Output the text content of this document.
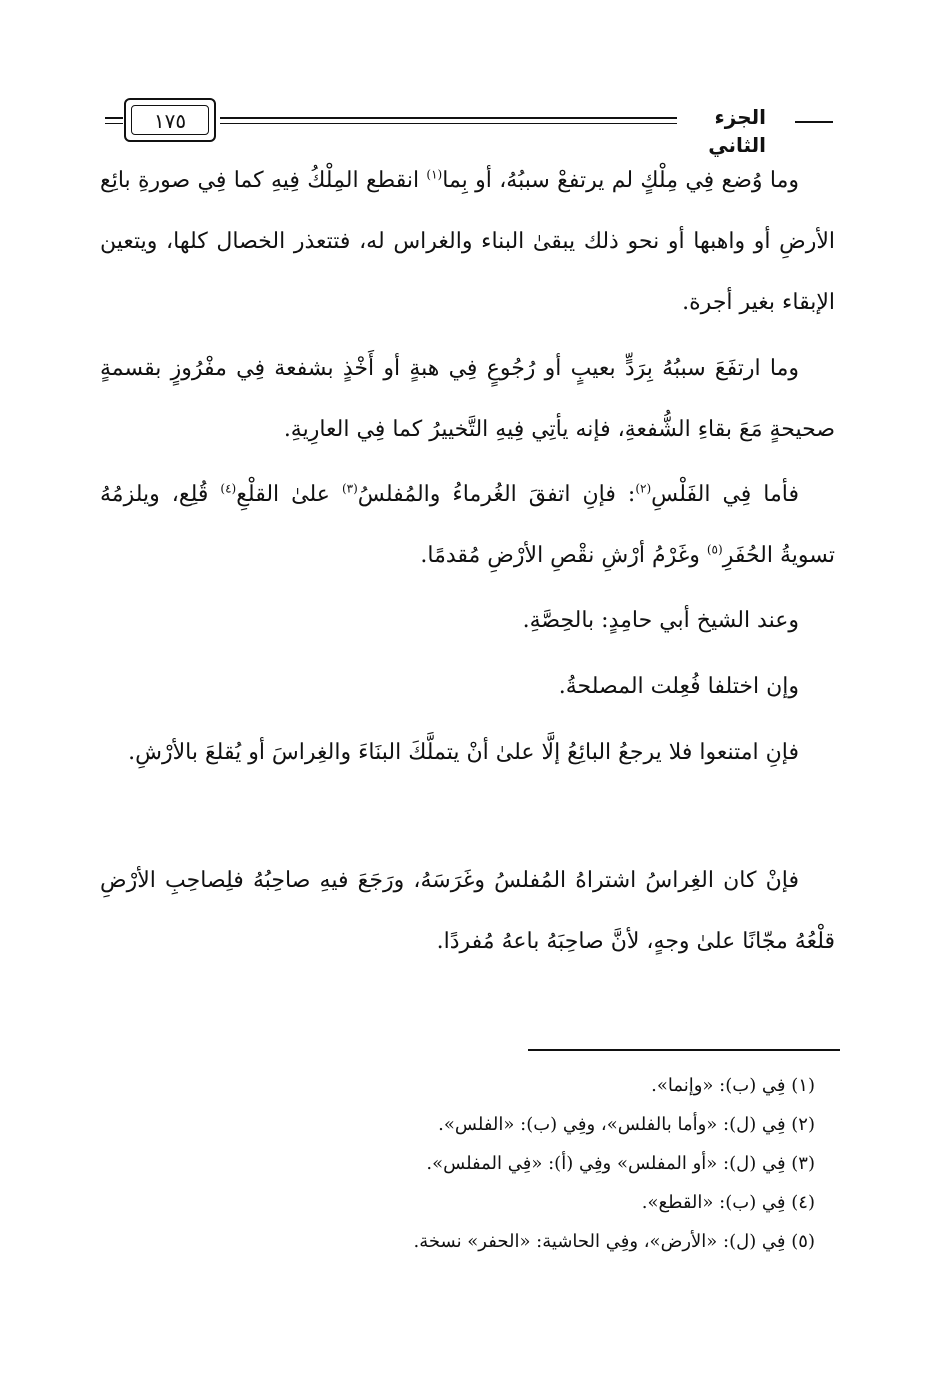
الجزء الثاني
١٧٥

وما وُضع فِي مِلْكٍ لم يرتفعْ سببُهُ، أو بِما$^{(١)}$ انقطع المِلْكُ فِيهِ كما فِي صورةِ بائِع الأرضِ أو واهبها أو نحو ذلك يبقىٰ البناء والغراس له، فتتعذر الخصال كلها، ويتعين الإبقاء بغير أجرة.

وما ارتفَعَ سببُهُ بِرَدٍّ بعيبٍ أو رُجُوعٍ فِي هبةٍ أو أَخْذٍ بشفعة فِي مفْرُوزٍ بقسمةٍ صحيحةٍ مَعَ بقاءِ الشُّفعةِ، فإنه يأتِي فِيهِ التَّخييرُ كما فِي العارِيةِ.

فأما فِي الفَلْسِ$^{(٢)}$: فإنِ اتفقَ الغُرماءُ والمُفلسُ$^{(٣)}$ علىٰ القلْعِ$^{(٤)}$ قُلِع، ويلزمُهُ تسويةُ الحُفَرِ$^{(٥)}$ وغَرْمُ أرْشِ نقْصِ الأرْضِ مُقدمًا.

وعند الشيخ أبي حامِدٍ: بالحِصَّةِ.

وإن اختلفا فُعِلت المصلحةُ.

فإنِ امتنعوا فلا يرجعُ البائِعُ إلَّا علىٰ أنْ يتملَّكَ البنَاءَ والغِراسَ أو يُقلعَ بالأرْشِ.

فإنْ كان الغِراسُ اشتراهُ المُفلسُ وغَرَسَهُ، ورَجَعَ فيهِ صاحِبُهُ فلِصاحِبِ الأرْضِ قلْعُهُ مجّانًا علىٰ وجهٍ، لأنَّ صاحِبَهُ باعهُ مُفردًا.

(١) فِي (ب): «وإنما».
(٢) فِي (ل): «وأما بالفلس»، وفِي (ب): «الفلس».
(٣) فِي (ل): «أو المفلس» وفِي (أ): «فِي المفلس».
(٤) فِي (ب): «القطع».
(٥) فِي (ل): «الأرض»، وفِي الحاشية: «الحفر» نسخة.
